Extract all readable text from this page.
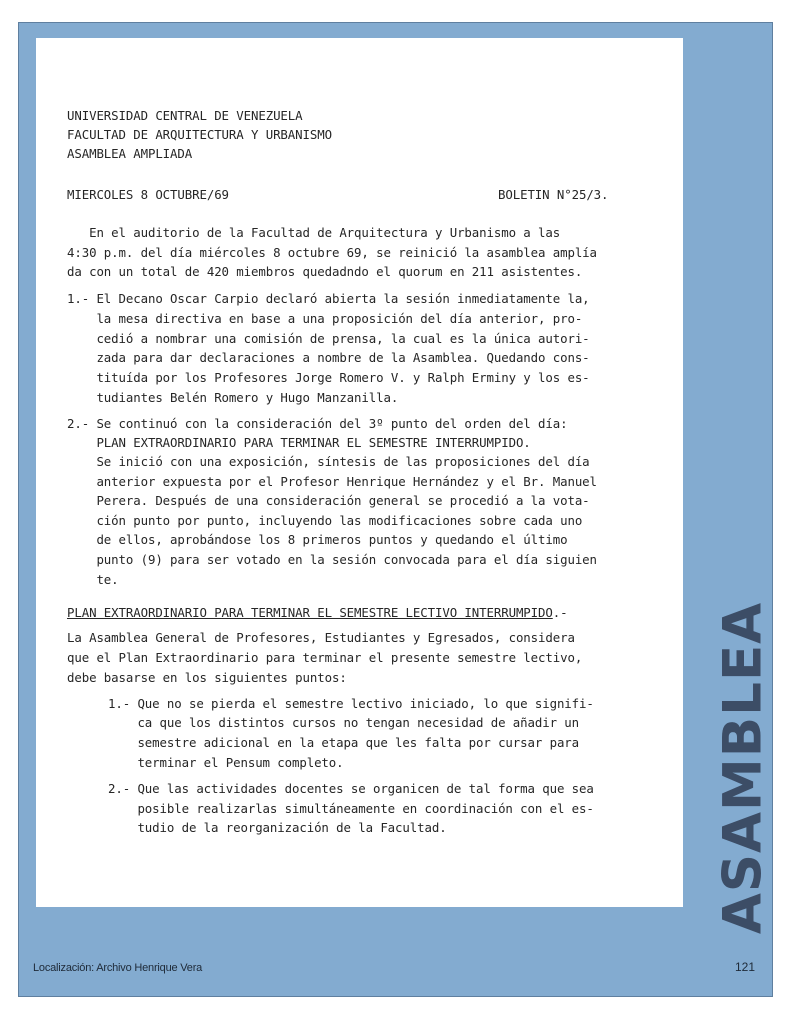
UNIVERSIDAD CENTRAL DE VENEZUELA
FACULTAD DE ARQUITECTURA Y URBANISMO
ASAMBLEA AMPLIADA
MIERCOLES 8 OCTUBRE/69	BOLETIN N°25/3.
En el auditorio de la Facultad de Arquitectura y Urbanismo a las
4:30 p.m. del día miércoles 8 octubre 69, se reinició la asamblea amplía
da con un total de 420 miembros quedadndo el quorum en 211 asistentes.
1.- El Decano Oscar Carpio declaró abierta la sesión inmediatamente la,
la mesa directiva en base a una proposición del día anterior, pro-
cedió a nombrar una comisión de prensa, la cual es la única autori-
zada para dar declaraciones a nombre de la Asamblea. Quedando cons-
tituída por los Profesores Jorge Romero V. y Ralph Erminy y los es-
tudiantes Belén Romero y Hugo Manzanilla.
2.- Se continuó con la consideración del 3º punto del orden del día:
PLAN EXTRAORDINARIO PARA TERMINAR EL SEMESTRE INTERRUMPIDO.
Se inició con una exposición, síntesis de las proposiciones del día
anterior expuesta por el Profesor Henrique Hernández y el Br. Manuel
Perera. Después de una consideración general se procedió a la vota-
ción punto por punto, incluyendo las modificaciones sobre cada uno
de ellos, aprobándose los 8 primeros puntos y quedando el último
punto (9) para ser votado en la sesión convocada para el día siguien
te.
PLAN EXTRAORDINARIO PARA TERMINAR EL SEMESTRE LECTIVO INTERRUMPIDO.-
La Asamblea General de Profesores, Estudiantes y Egresados, considera
que el Plan Extraordinario para terminar el presente semestre lectivo,
debe basarse en los siguientes puntos:
1.- Que no se pierda el semestre lectivo iniciado, lo que signifi-
ca que los distintos cursos no tengan necesidad de añadir un
semestre adicional en la etapa que les falta por cursar para
terminar el Pensum completo.
2.- Que las actividades docentes se organicen de tal forma que sea
posible realizarlas simultáneamente en coordinación con el es-
tudio de la reorganización de la Facultad.	ASAMBLEA
Localización: Archivo Henrique Vera	121
